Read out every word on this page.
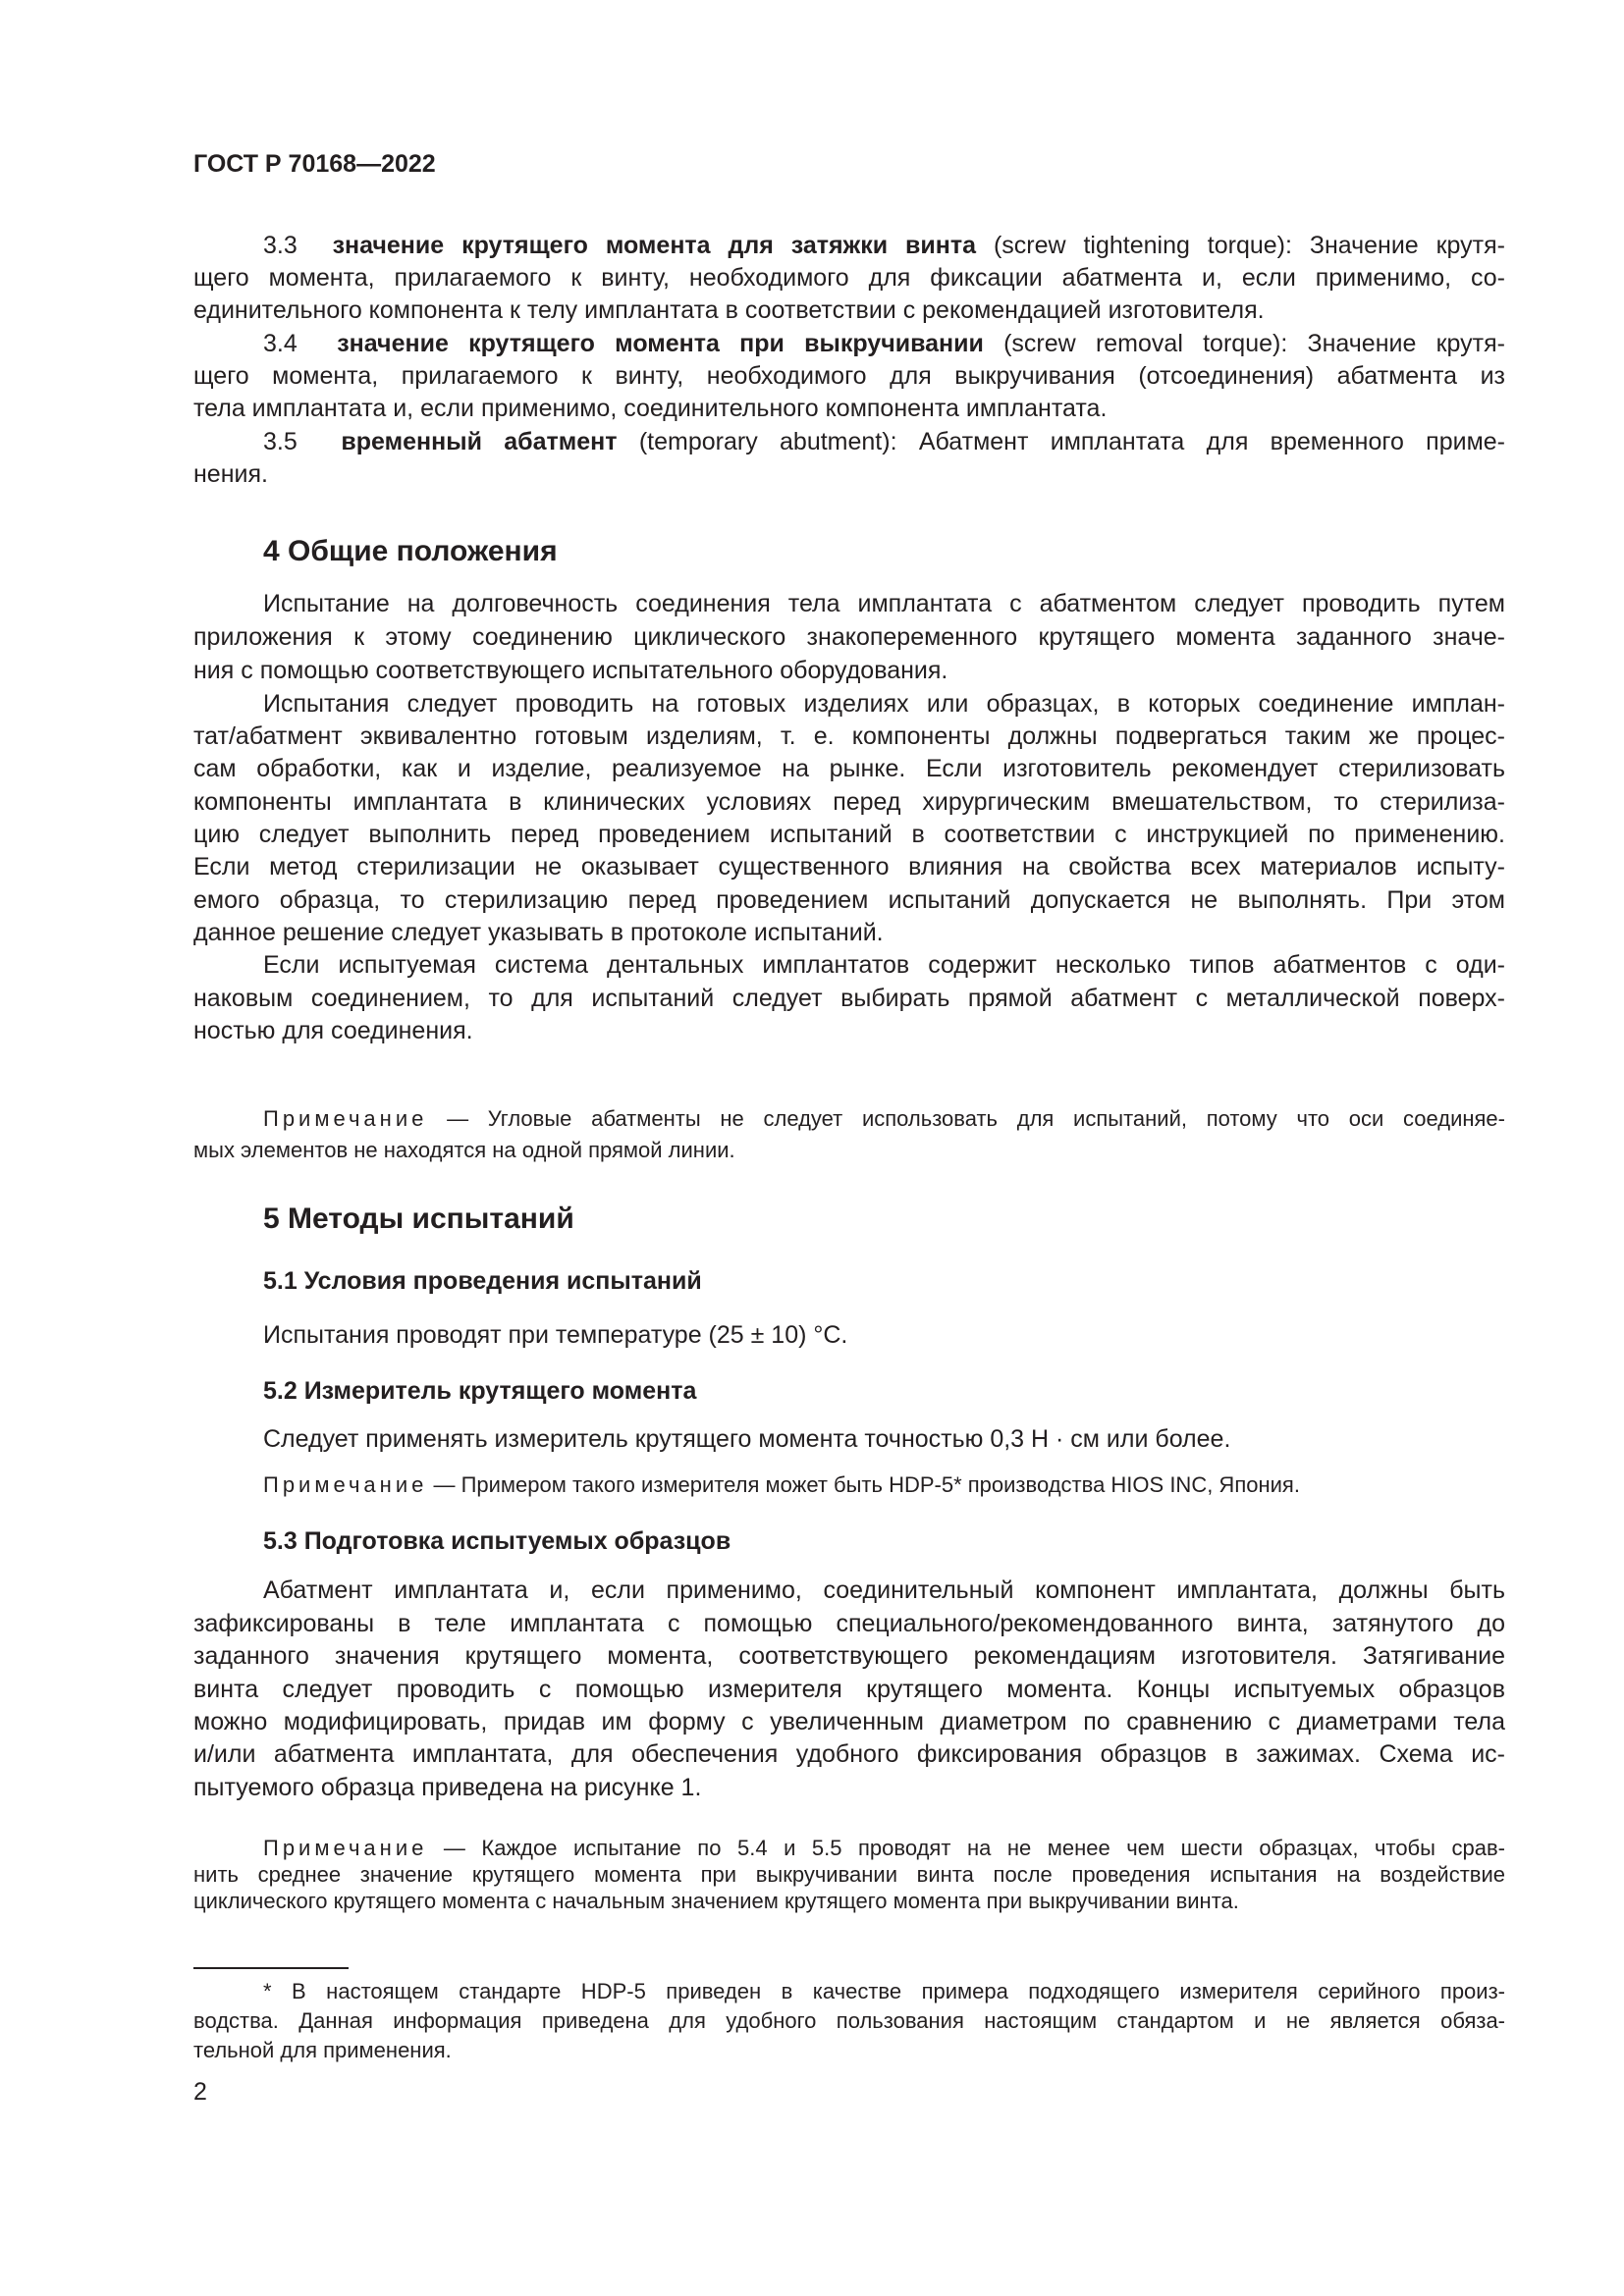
ГОСТ Р 70168—2022
3.3 значение крутящего момента для затяжки винта (screw tightening torque): Значение крутя-
щего момента, прилагаемого к винту, необходимого для фиксации абатмента и, если применимо, со-
единительного компонента к телу имплантата в соответствии с рекомендацией изготовителя.
3.4 значение крутящего момента при выкручивании (screw removal torque): Значение крутя-
щего момента, прилагаемого к винту, необходимого для выкручивания (отсоединения) абатмента из
тела имплантата и, если применимо, соединительного компонента имплантата.
3.5 временный абатмент (temporary abutment): Абатмент имплантата для временного приме-
нения.
4 Общие положения
Испытание на долговечность соединения тела имплантата с абатментом следует проводить путем
приложения к этому соединению циклического знакопеременного крутящего момента заданного значе-
ния с помощью соответствующего испытательного оборудования.
Испытания следует проводить на готовых изделиях или образцах, в которых соединение имплан-
тат/абатмент эквивалентно готовым изделиям, т. е. компоненты должны подвергаться таким же процес-
сам обработки, как и изделие, реализуемое на рынке. Если изготовитель рекомендует стерилизовать
компоненты имплантата в клинических условиях перед хирургическим вмешательством, то стерилиза-
цию следует выполнить перед проведением испытаний в соответствии с инструкцией по применению.
Если метод стерилизации не оказывает существенного влияния на свойства всех материалов испыту-
емого образца, то стерилизацию перед проведением испытаний допускается не выполнять. При этом
данное решение следует указывать в протоколе испытаний.
Если испытуемая система дентальных имплантатов содержит несколько типов абатментов с оди-
наковым соединением, то для испытаний следует выбирать прямой абатмент с металлической поверх-
ностью для соединения.
Примечание — Угловые абатменты не следует использовать для испытаний, потому что оси соединяе-
мых элементов не находятся на одной прямой линии.
5 Методы испытаний
5.1 Условия проведения испытаний
Испытания проводят при температуре (25 ± 10) °С.
5.2 Измеритель крутящего момента
Следует применять измеритель крутящего момента точностью 0,3 Н · см или более.
Примечание — Примером такого измерителя может быть HDP-5* производства HIOS INC, Япония.
5.3 Подготовка испытуемых образцов
Абатмент имплантата и, если применимо, соединительный компонент имплантата, должны быть
зафиксированы в теле имплантата с помощью специального/рекомендованного винта, затянутого до
заданного значения крутящего момента, соответствующего рекомендациям изготовителя. Затягивание
винта следует проводить с помощью измерителя крутящего момента. Концы испытуемых образцов
можно модифицировать, придав им форму с увеличенным диаметром по сравнению с диаметрами тела
и/или абатмента имплантата, для обеспечения удобного фиксирования образцов в зажимах. Схема ис-
пытуемого образца приведена на рисунке 1.
Примечание — Каждое испытание по 5.4 и 5.5 проводят на не менее чем шести образцах, чтобы срав-
нить среднее значение крутящего момента при выкручивании винта после проведения испытания на воздействие
циклического крутящего момента с начальным значением крутящего момента при выкручивании винта.
* В настоящем стандарте HDP-5 приведен в качестве примера подходящего измерителя серийного произ-
водства. Данная информация приведена для удобного пользования настоящим стандартом и не является обяза-
тельной для применения.
2
